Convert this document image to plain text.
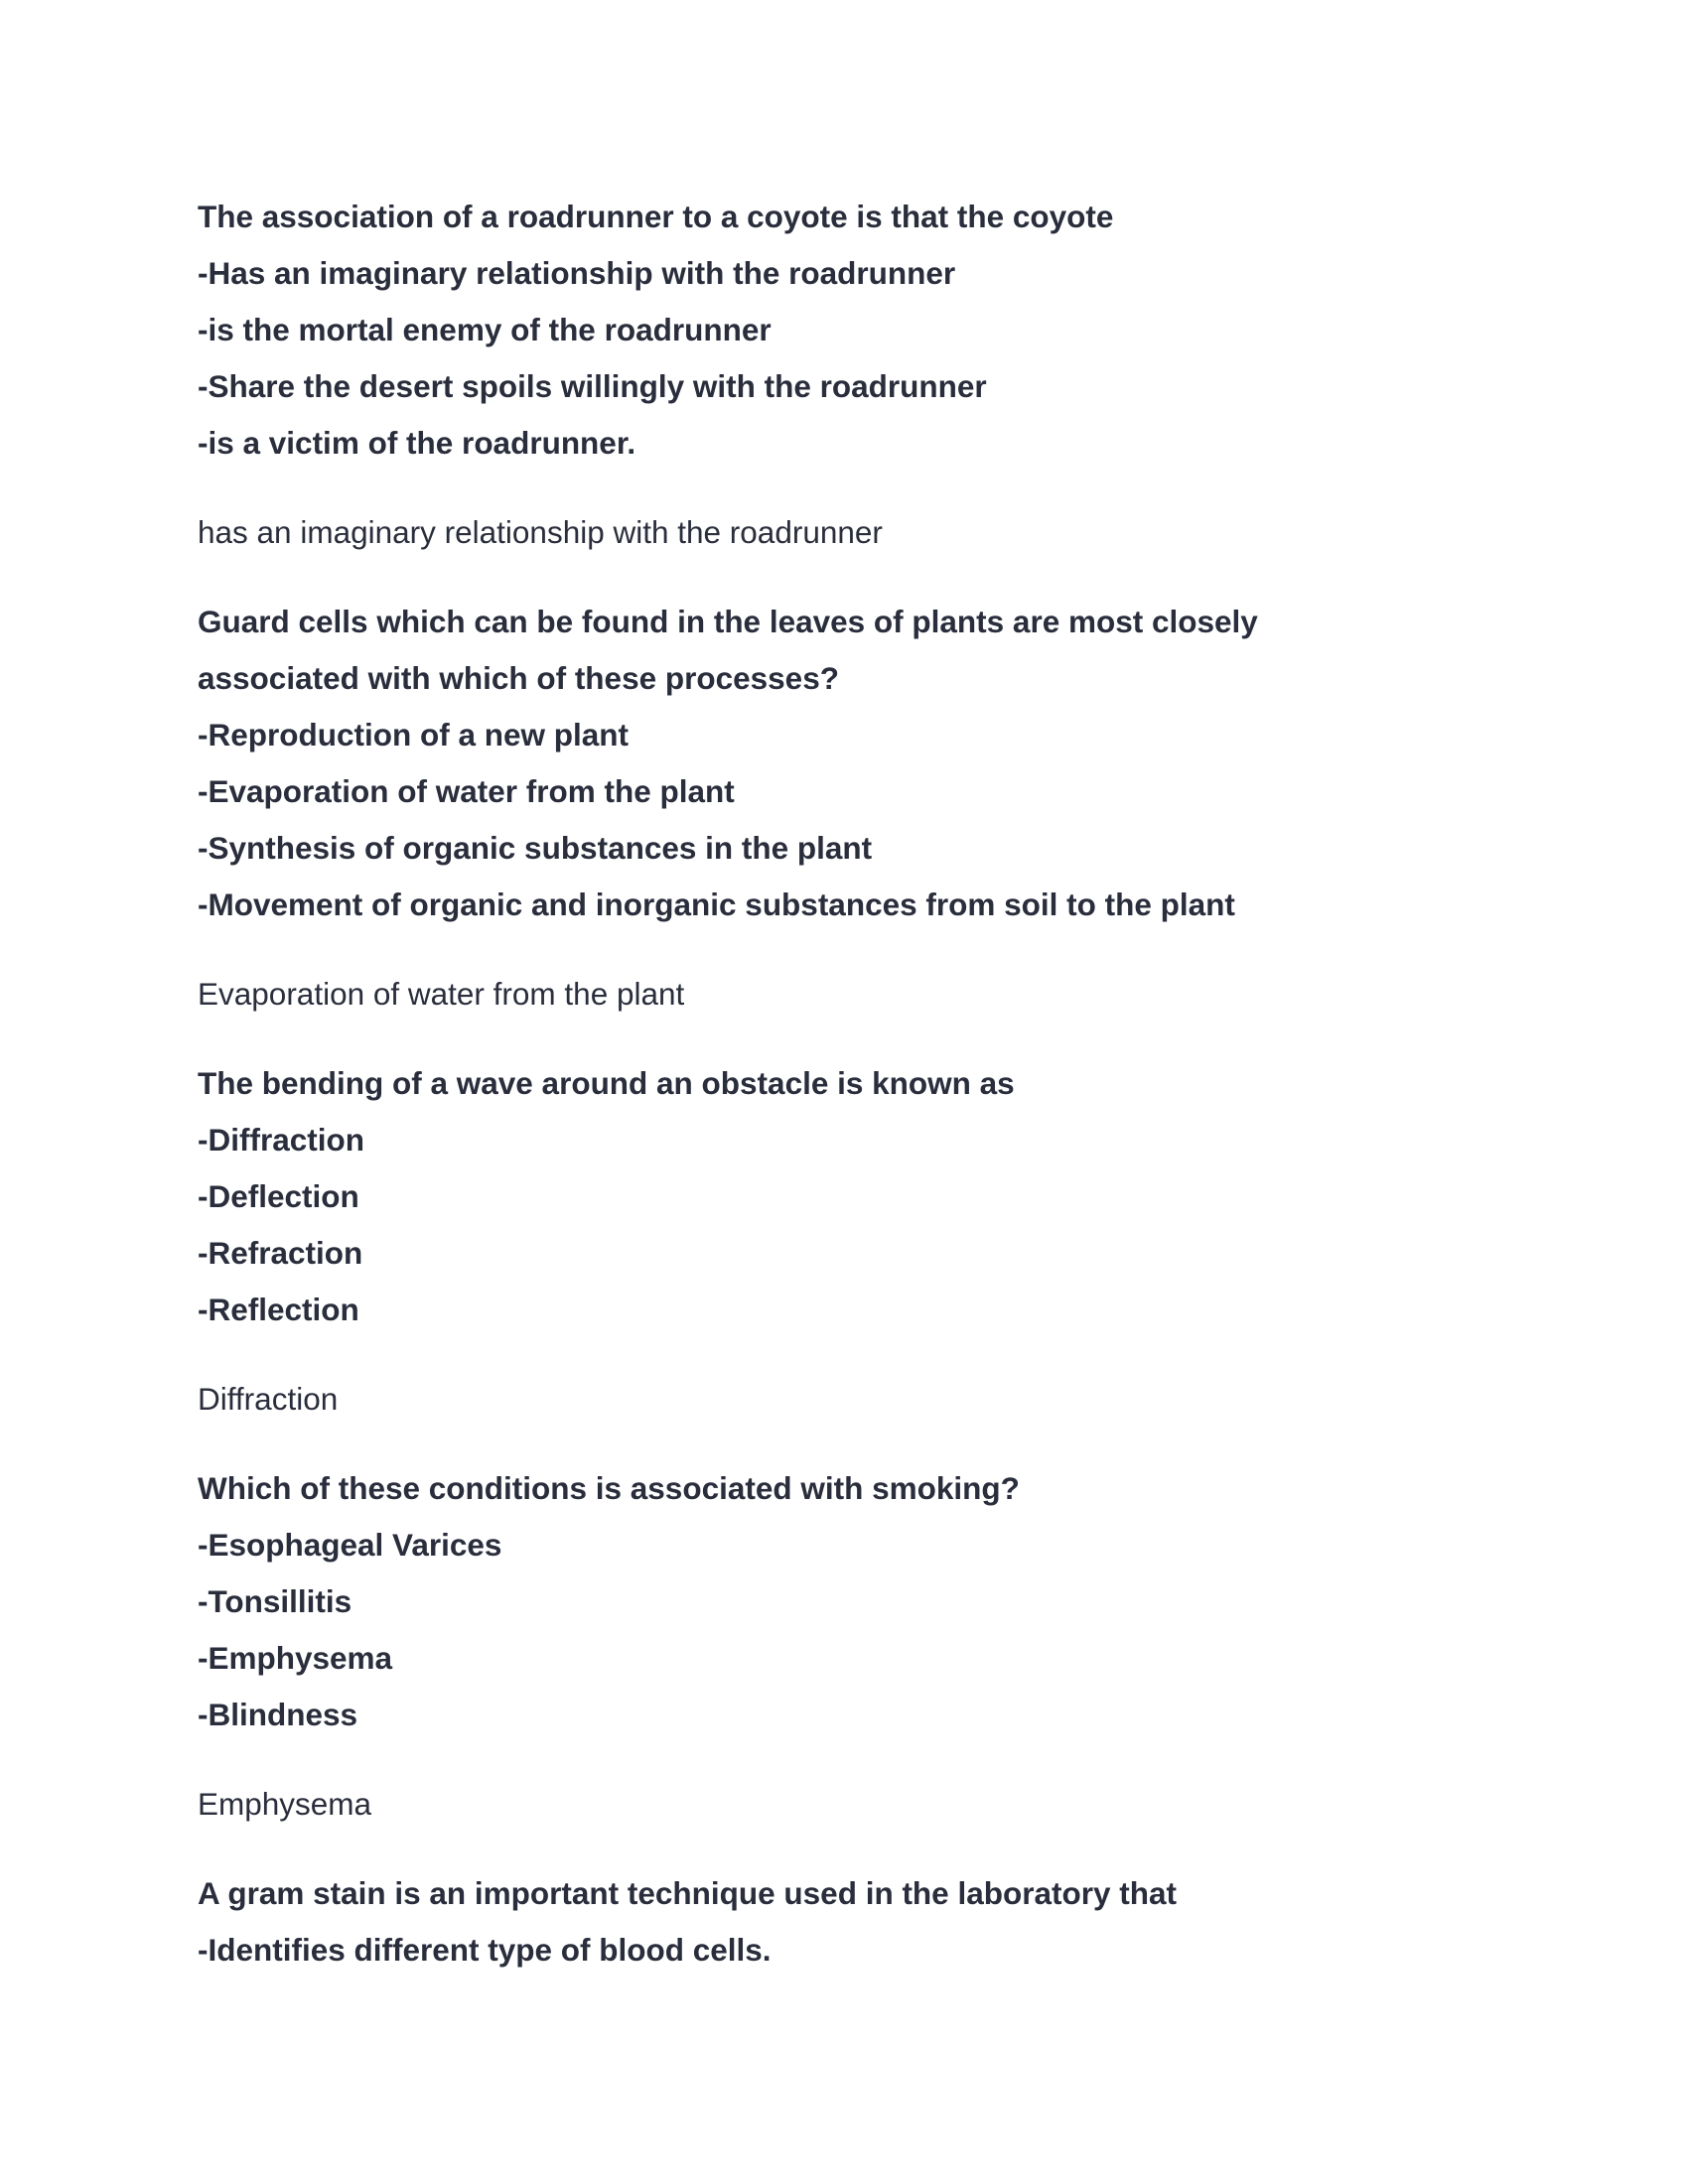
The association of a roadrunner to a coyote is that the coyote
-Has an imaginary relationship with the roadrunner
-is the mortal enemy of the roadrunner
-Share the desert spoils willingly with the roadrunner
-is a victim of the roadrunner.
has an imaginary relationship with the roadrunner
Guard cells which can be found in the leaves of plants are most closely
associated with which of these processes?
-Reproduction of a new plant
-Evaporation of water from the plant
-Synthesis of organic substances in the plant
-Movement of organic and inorganic substances from soil to the plant
Evaporation of water from the plant
The bending of a wave around an obstacle is known as
-Diffraction
-Deflection
-Refraction
-Reflection
Diffraction
Which of these conditions is associated with smoking?
-Esophageal Varices
-Tonsillitis
-Emphysema
-Blindness
Emphysema
A gram stain is an important technique used in the laboratory that
-Identifies different type of blood cells.
